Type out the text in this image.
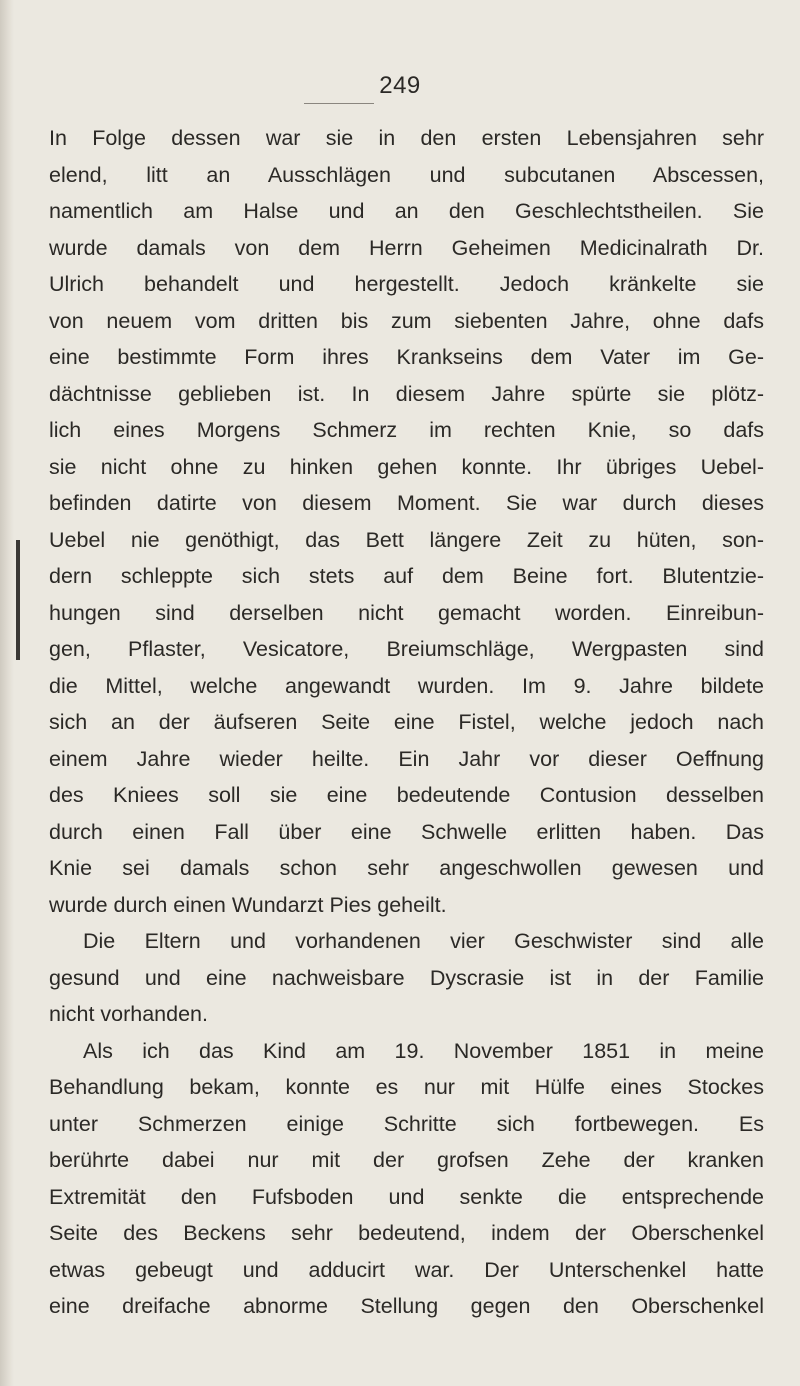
249
In Folge dessen war sie in den ersten Lebensjahren sehr
elend, litt an Ausschlägen und subcutanen Abscessen,
namentlich am Halse und an den Geschlechtstheilen. Sie
wurde damals von dem Herrn Geheimen Medicinalrath Dr.
Ulrich behandelt und hergestellt. Jedoch kränkelte sie
von neuem vom dritten bis zum siebenten Jahre, ohne dafs
eine bestimmte Form ihres Krankseins dem Vater im Ge-
dächtnisse geblieben ist. In diesem Jahre spürte sie plötz-
lich eines Morgens Schmerz im rechten Knie, so dafs
sie nicht ohne zu hinken gehen konnte. Ihr übriges Uebel-
befinden datirte von diesem Moment. Sie war durch dieses
Uebel nie genöthigt, das Bett längere Zeit zu hüten, son-
dern schleppte sich stets auf dem Beine fort. Blutentzie-
hungen sind derselben nicht gemacht worden. Einreibun-
gen, Pflaster, Vesicatore, Breiumschläge, Wergpasten sind
die Mittel, welche angewandt wurden. Im 9. Jahre bildete
sich an der äufseren Seite eine Fistel, welche jedoch nach
einem Jahre wieder heilte. Ein Jahr vor dieser Oeffnung
des Kniees soll sie eine bedeutende Contusion desselben
durch einen Fall über eine Schwelle erlitten haben. Das
Knie sei damals schon sehr angeschwollen gewesen und
wurde durch einen Wundarzt Pies geheilt.
Die Eltern und vorhandenen vier Geschwister sind alle
gesund und eine nachweisbare Dyscrasie ist in der Familie
nicht vorhanden.
Als ich das Kind am 19. November 1851 in meine
Behandlung bekam, konnte es nur mit Hülfe eines Stockes
unter Schmerzen einige Schritte sich fortbewegen. Es
berührte dabei nur mit der grofsen Zehe der kranken
Extremität den Fufsboden und senkte die entsprechende
Seite des Beckens sehr bedeutend, indem der Oberschenkel
etwas gebeugt und adducirt war. Der Unterschenkel hatte
eine dreifache abnorme Stellung gegen den Oberschenkel
